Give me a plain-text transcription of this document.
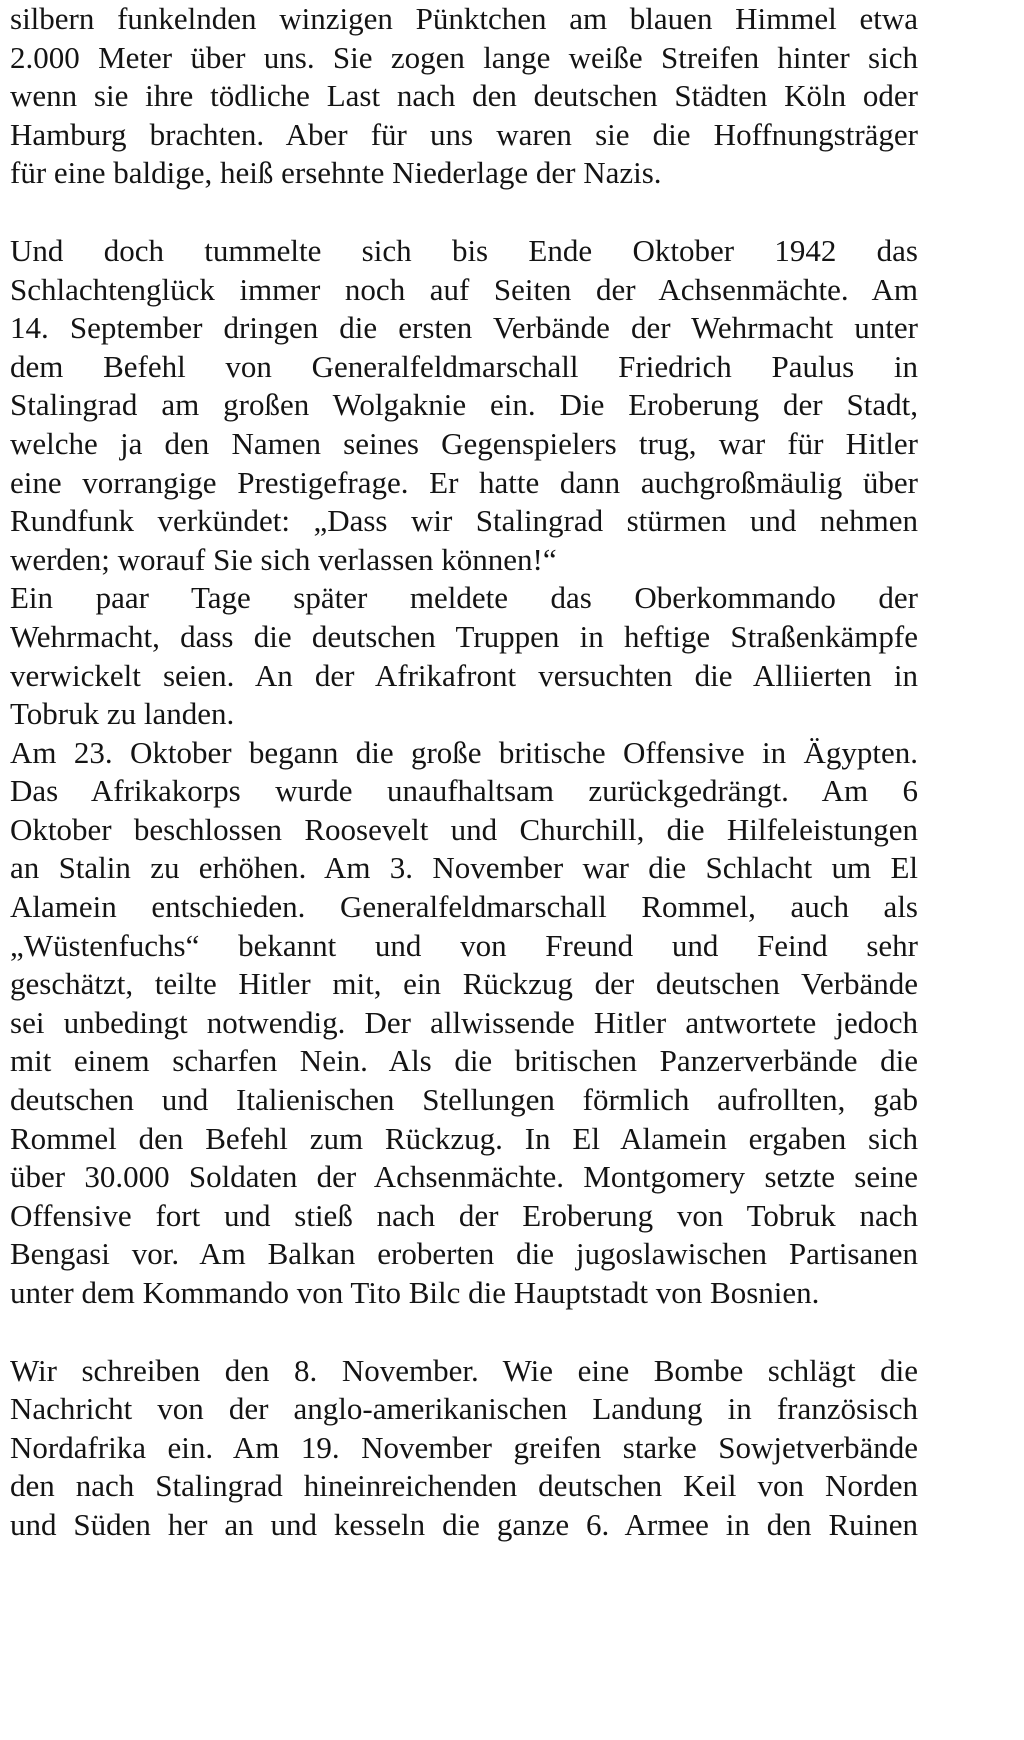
silbern funkelnden winzigen Pünktchen am blauen Himmel etwa
2.000 Meter über uns. Sie zogen lange weiße Streifen hinter sich
wenn sie ihre tödliche Last nach den deutschen Städten Köln oder
Hamburg brachten. Aber für uns waren sie die Hoffnungsträger
für eine baldige, heiß ersehnte Niederlage der Nazis.
Und doch tummelte sich bis Ende Oktober 1942 das
Schlachtenglück immer noch auf Seiten der Achsenmächte. Am
14. September dringen die ersten Verbände der Wehrmacht unter
dem Befehl von Generalfeldmarschall Friedrich Paulus in
Stalingrad am großen Wolgaknie ein. Die Eroberung der Stadt,
welche ja den Namen seines Gegenspielers trug, war für Hitler
eine vorrangige Prestigefrage. Er hatte dann auchgroßmäulig über
Rundfunk verkündet: „Dass wir Stalingrad stürmen und nehmen
werden; worauf Sie sich verlassen können!“
Ein paar Tage später meldete das Oberkommando der
Wehrmacht, dass die deutschen Truppen in heftige Straßenkämpfe
verwickelt seien. An der Afrikafront versuchten die Alliierten in
Tobruk zu landen.
Am 23. Oktober begann die große britische Offensive in Ägypten.
Das Afrikakorps wurde unaufhaltsam zurückgedrängt. Am 6
Oktober beschlossen Roosevelt und Churchill, die Hilfeleistungen
an Stalin zu erhöhen. Am 3. November war die Schlacht um El
Alamein entschieden. Generalfeldmarschall Rommel, auch als
„Wüstenfuchs“ bekannt und von Freund und Feind sehr
geschätzt, teilte Hitler mit, ein Rückzug der deutschen Verbände
sei unbedingt notwendig. Der allwissende Hitler antwortete jedoch
mit einem scharfen Nein. Als die britischen Panzerverbände die
deutschen und Italienischen Stellungen förmlich aufrollten, gab
Rommel den Befehl zum Rückzug. In El Alamein ergaben sich
über 30.000 Soldaten der Achsenmächte. Montgomery setzte seine
Offensive fort und stieß nach der Eroberung von Tobruk nach
Bengasi vor. Am Balkan eroberten die jugoslawischen Partisanen
unter dem Kommando von Tito Bilc die Hauptstadt von Bosnien.
Wir schreiben den 8. November. Wie eine Bombe schlägt die
Nachricht von der anglo-amerikanischen Landung in französisch
Nordafrika ein. Am 19. November greifen starke Sowjetverbände
den nach Stalingrad hineinreichenden deutschen Keil von Norden
und Süden her an und kesseln die ganze 6. Armee in den Ruinen
